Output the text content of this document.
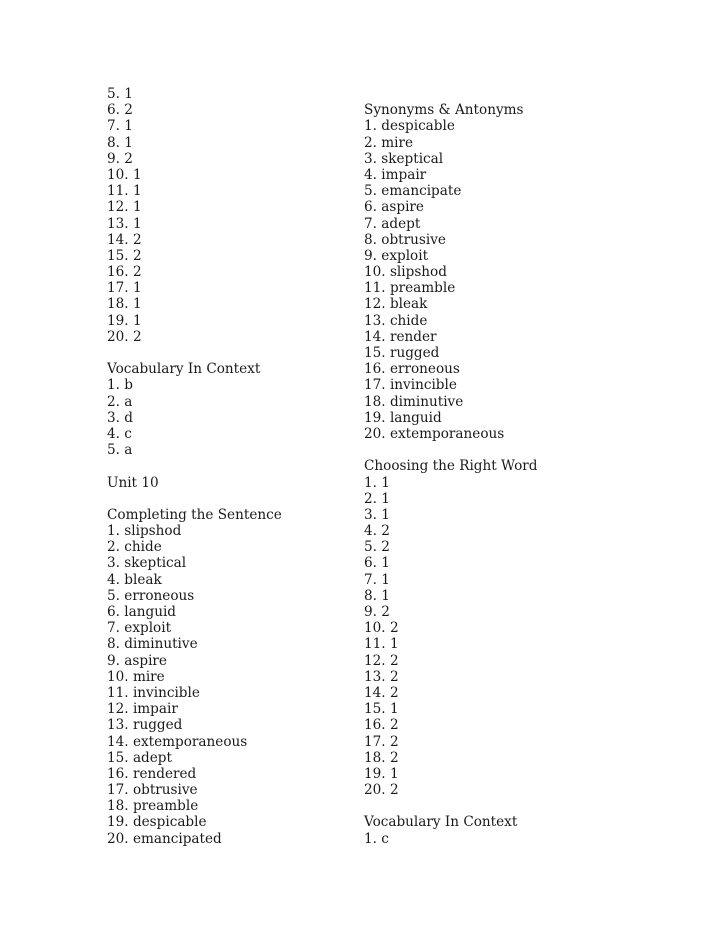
5. 1
6. 2
7. 1
8. 1
9. 2
10. 1
11. 1
12. 1
13. 1
14. 2
15. 2
16. 2
17. 1
18. 1
19. 1
20. 2
Vocabulary In Context
1. b
2. a
3. d
4. c
5. a
Unit 10
Completing the Sentence
1. slipshod
2. chide
3. skeptical
4. bleak
5. erroneous
6. languid
7. exploit
8. diminutive
9. aspire
10. mire
11. invincible
12. impair
13. rugged
14. extemporaneous
15. adept
16. rendered
17. obtrusive
18. preamble
19. despicable
20. emancipated
Synonyms & Antonyms
1. despicable
2. mire
3. skeptical
4. impair
5. emancipate
6. aspire
7. adept
8. obtrusive
9. exploit
10. slipshod
11. preamble
12. bleak
13. chide
14. render
15. rugged
16. erroneous
17. invincible
18. diminutive
19. languid
20. extemporaneous
Choosing the Right Word
1. 1
2. 1
3. 1
4. 2
5. 2
6. 1
7. 1
8. 1
9. 2
10. 2
11. 1
12. 2
13. 2
14. 2
15. 1
16. 2
17. 2
18. 2
19. 1
20. 2
Vocabulary In Context
1. c
